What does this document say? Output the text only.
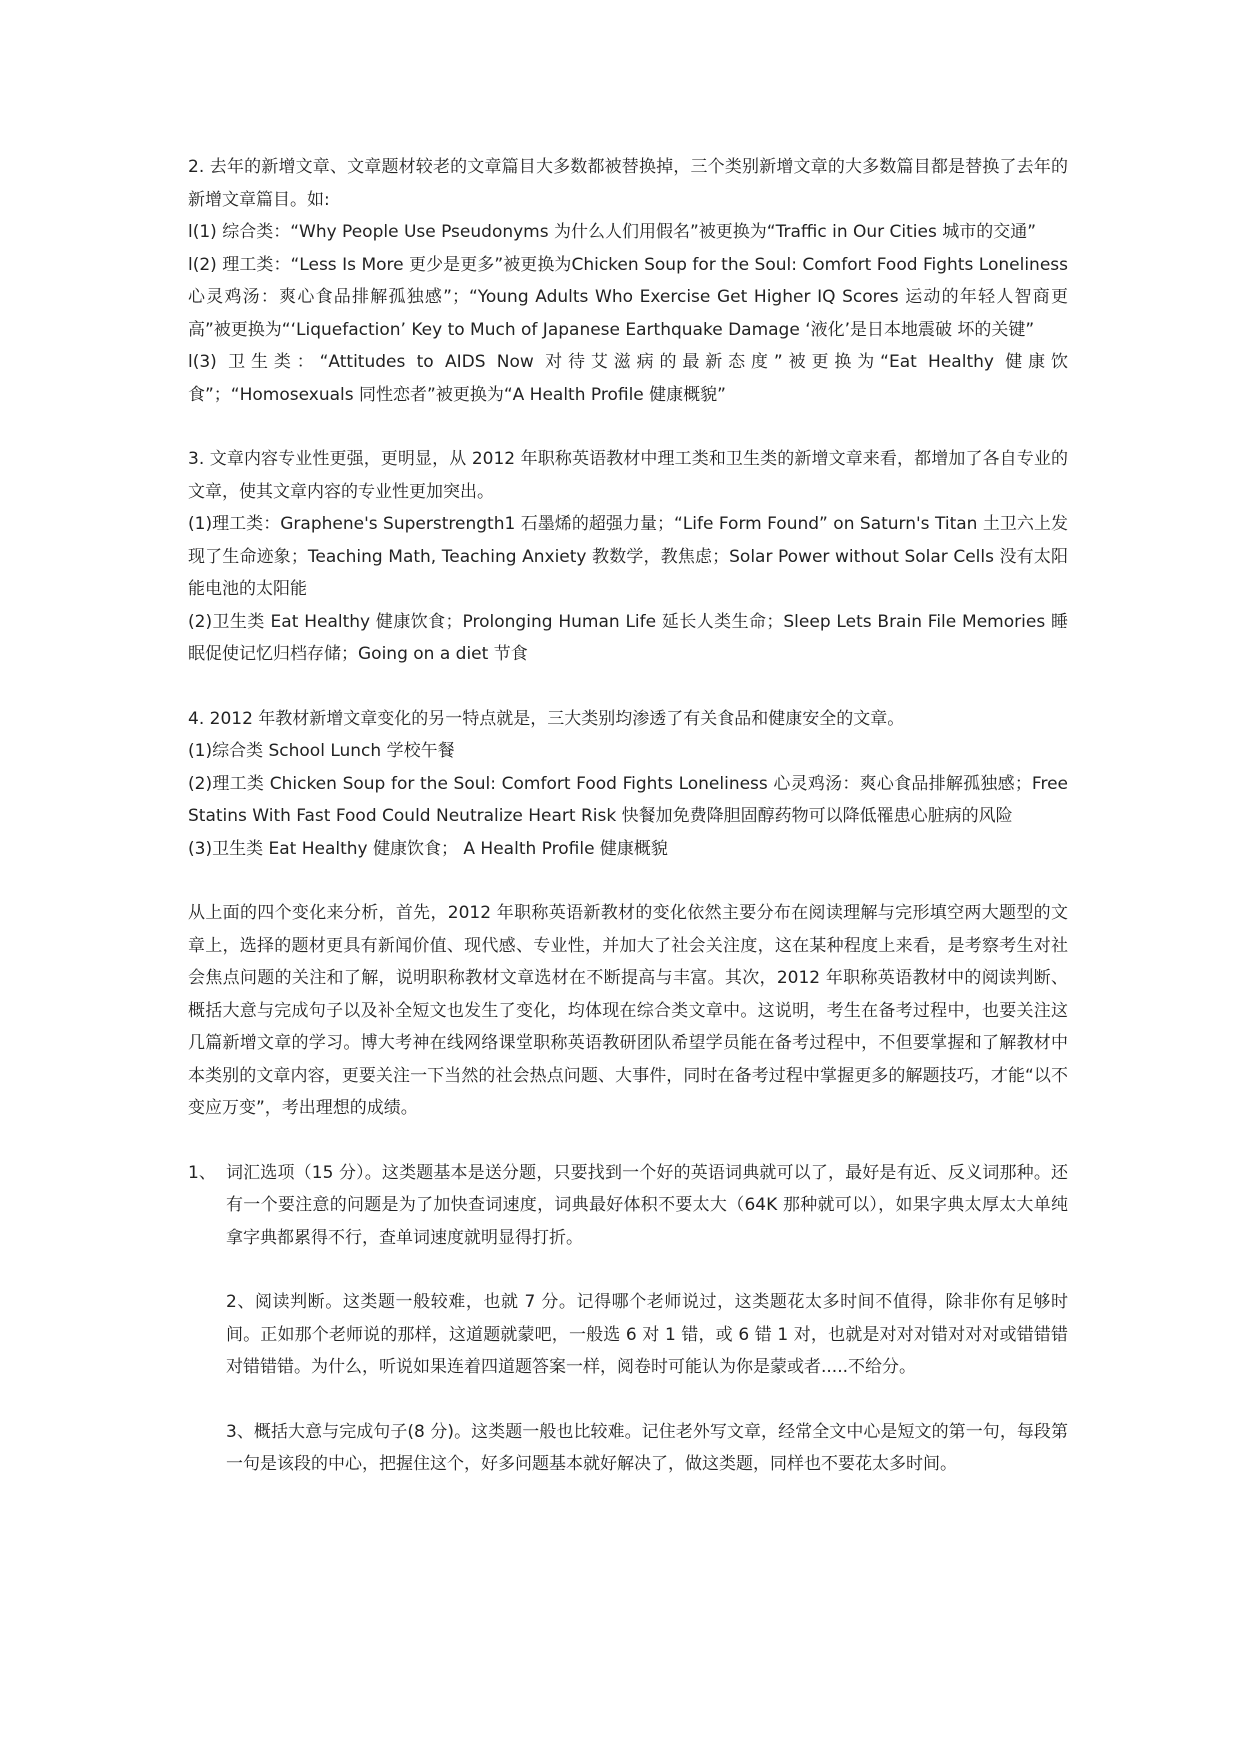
2. 去年的新增文章、文章题材较老的文章篇目大多数都被替换掉，三个类别新增文章的大多数篇目都是替换了去年的新增文章篇目。如:

l(1) 综合类：“Why People Use Pseudonyms 为什么人们用假名”被更换为“Traffic in Our Cities 城市的交通”

l(2) 理工类：“Less Is More 更少是更多”被更换为Chicken Soup for the Soul: Comfort Food Fights Loneliness 心灵鸡汤：爽心食品排解孤独感”；“Young Adults Who Exercise Get Higher IQ Scores 运动的年轻人智商更高”被更换为“‘Liquefaction’ Key to Much of Japanese Earthquake Damage ‘液化’是日本地震破 坏的关键”

l(3) 卫生类：“Attitudes to AIDS Now 对待艾滋病的最新态度”被更换为“Eat Healthy 健康饮食”；“Homosexuals 同性恋者”被更换为“A Health Profile 健康概貌”

3. 文章内容专业性更强，更明显，从 2012 年职称英语教材中理工类和卫生类的新增文章来看，都增加了各自专业的文章，使其文章内容的专业性更加突出。

(1)理工类：Graphene's Superstrength1 石墨烯的超强力量；“Life Form Found” on Saturn's Titan 土卫六上发现了生命迹象；Teaching Math, Teaching Anxiety 教数学，教焦虑；Solar Power without Solar Cells 没有太阳能电池的太阳能

(2)卫生类 Eat Healthy 健康饮食；Prolonging Human Life 延长人类生命；Sleep Lets Brain File Memories 睡眠促使记忆归档存储；Going on a diet 节食

4. 2012 年教材新增文章变化的另一特点就是，三大类别均渗透了有关食品和健康安全的文章。

(1)综合类 School Lunch 学校午餐

(2)理工类 Chicken Soup for the Soul: Comfort Food Fights Loneliness 心灵鸡汤：爽心食品排解孤独感；Free Statins With Fast Food Could Neutralize Heart Risk 快餐加免费降胆固醇药物可以降低罹患心脏病的风险

(3)卫生类 Eat Healthy 健康饮食； A Health Profile 健康概貌

从上面的四个变化来分析，首先，2012 年职称英语新教材的变化依然主要分布在阅读理解与完形填空两大题型的文章上，选择的题材更具有新闻价值、现代感、专业性，并加大了社会关注度，这在某种程度上来看，是考察考生对社会焦点问题的关注和了解，说明职称教材文章选材在不断提高与丰富。其次，2012 年职称英语教材中的阅读判断、概括大意与完成句子以及补全短文也发生了变化，均体现在综合类文章中。这说明，考生在备考过程中，也要关注这几篇新增文章的学习。博大考神在线网络课堂职称英语教研团队希望学员能在备考过程中，不但要掌握和了解教材中本类别的文章内容，更要关注一下当然的社会热点问题、大事件，同时在备考过程中掌握更多的解题技巧，才能“以不变应万变”，考出理想的成绩。

1、 词汇选项（15 分）。这类题基本是送分题，只要找到一个好的英语词典就可以了，最好是有近、反义词那种。还有一个要注意的问题是为了加快查词速度，词典最好体积不要太大（64K 那种就可以），如果字典太厚太大单纯拿字典都累得不行，查单词速度就明显得打折。

2、阅读判断。这类题一般较难，也就 7 分。记得哪个老师说过，这类题花太多时间不值得，除非你有足够时间。正如那个老师说的那样，这道题就蒙吧，一般选 6 对 1 错，或 6 错 1 对，也就是对对对错对对对或错错错对错错错。为什么，听说如果连着四道题答案一样，阅卷时可能认为你是蒙或者.....不给分。

3、概括大意与完成句子(8 分)。这类题一般也比较难。记住老外写文章，经常全文中心是短文的第一句，每段第一句是该段的中心，把握住这个，好多问题基本就好解决了，做这类题，同样也不要花太多时间。
